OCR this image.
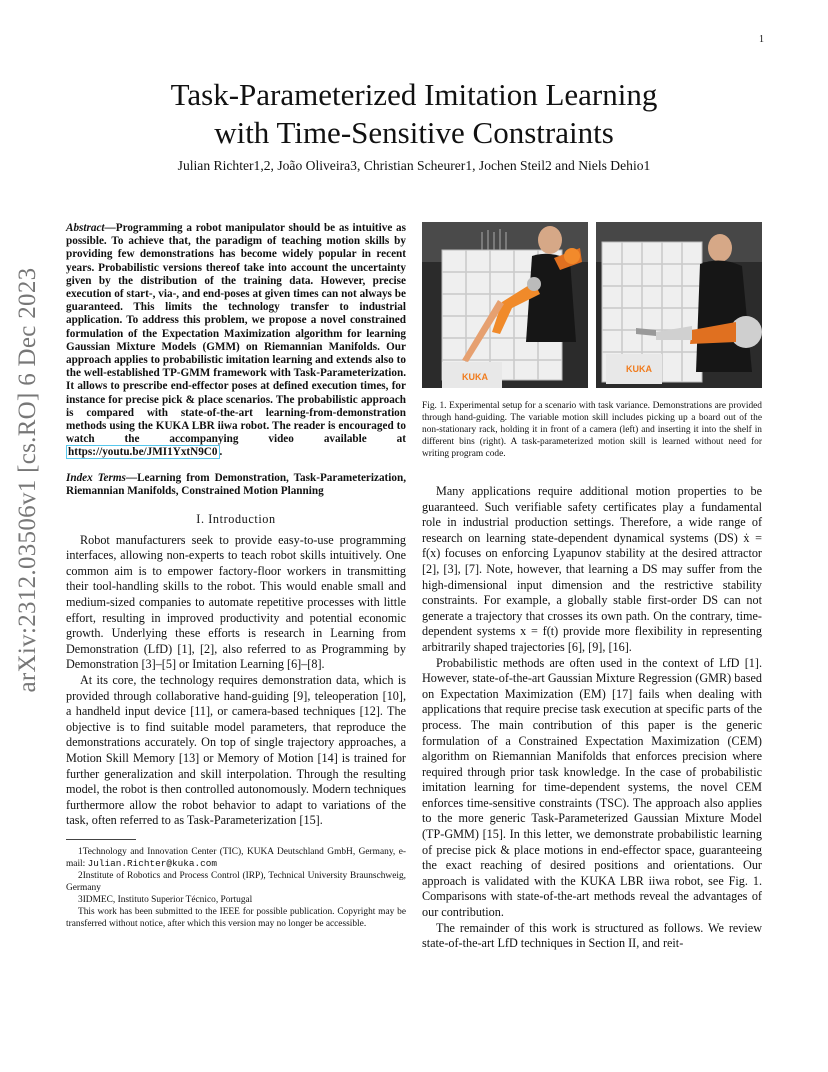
1
Task-Parameterized Imitation Learning
with Time-Sensitive Constraints
Julian Richter1,2, João Oliveira3, Christian Scheurer1, Jochen Steil2 and Niels Dehio1
arXiv:2312.03506v1 [cs.RO] 6 Dec 2023
Abstract—Programming a robot manipulator should be as intuitive as possible. To achieve that, the paradigm of teaching motion skills by providing few demonstrations has become widely popular in recent years. Probabilistic versions thereof take into account the uncertainty given by the distribution of the training data. However, precise execution of start-, via-, and end-poses at given times can not always be guaranteed. This limits the technology transfer to industrial application. To address this problem, we propose a novel constrained formulation of the Expectation Maximization algorithm for learning Gaussian Mixture Models (GMM) on Riemannian Manifolds. Our approach applies to probabilistic imitation learning and extends also to the well-established TP-GMM framework with Task-Parameterization. It allows to prescribe end-effector poses at defined execution times, for instance for precise pick & place scenarios. The probabilistic approach is compared with state-of-the-art learning-from-demonstration methods using the KUKA LBR iiwa robot. The reader is encouraged to watch the accompanying video available at https://youtu.be/JMI1YxtN9C0 .
Index Terms—Learning from Demonstration, Task-Parameterization, Riemannian Manifolds, Constrained Motion Planning
I. Introduction

Robot manufacturers seek to provide easy-to-use programming interfaces, allowing non-experts to teach robot skills intuitively. One common aim is to empower factory-floor workers in transmitting their tool-handling skills to the robot. This would enable small and medium-sized companies to automate repetitive processes with little effort, resulting in improved productivity and potential economic growth. Underlying these efforts is research in Learning from Demonstration (LfD) [1], [2], also referred to as Programming by Demonstration [3]–[5] or Imitation Learning [6]–[8].

At its core, the technology requires demonstration data, which is provided through collaborative hand-guiding [9], teleoperation [10], a handheld input device [11], or camera-based techniques [12]. The objective is to find suitable model parameters, that reproduce the demonstrations accurately. On top of single trajectory approaches, a Motion Skill Memory [13] or Memory of Motion [14] is trained for further generalization and skill interpolation. Through the resulting model, the robot is then controlled autonomously. Modern techniques furthermore allow the robot behavior to adapt to variations of the task, often referred to as Task-Parameterization [15].

1Technology and Innovation Center (TIC), KUKA Deutschland GmbH, Germany, e-mail: Julian.Richter@kuka.com

2Institute of Robotics and Process Control (IRP), Technical University Braunschweig, Germany

3IDMEC, Instituto Superior Técnico, Portugal

This work has been submitted to the IEEE for possible publication. Copyright may be transferred without notice, after which this version may no longer be accessible.

KUKA
KUKA
Fig. 1. Experimental setup for a scenario with task variance. Demonstrations are provided through hand-guiding. The variable motion skill includes picking up a board out of the non-stationary rack, holding it in front of a camera (left) and inserting it into the shelf in different bins (right). A task-parameterized motion skill is learned without need for writing program code.

Many applications require additional motion properties to be guaranteed. Such verifiable safety certificates play a fundamental role in industrial production settings. Therefore, a wide range of research on learning state-dependent dynamical systems (DS) ẋ = f(x) focuses on enforcing Lyapunov stability at the desired attractor [2], [3], [7]. Note, however, that learning a DS may suffer from the high-dimensional input dimension and the restrictive stability constraints. For example, a globally stable first-order DS can not generate a trajectory that crosses its own path. On the contrary, time-dependent systems x = f(t) provide more flexibility in representing arbitrarily shaped trajectories [6], [9], [16].

Probabilistic methods are often used in the context of LfD [1]. However, state-of-the-art Gaussian Mixture Regression (GMR) based on Expectation Maximization (EM) [17] fails when dealing with applications that require precise task execution at specific parts of the process. The main contribution of this paper is the generic formulation of a Constrained Expectation Maximization (CEM) algorithm on Riemannian Manifolds that enforces precision where required through prior task knowledge. In the case of probabilistic imitation learning for time-dependent systems, the novel CEM enforces time-sensitive constraints (TSC). The approach also applies to the more generic Task-Parameterized Gaussian Mixture Model (TP-GMM) [15]. In this letter, we demonstrate probabilistic learning of precise pick & place motions in end-effector space, guaranteeing the exact reaching of desired positions and orientations. Our approach is validated with the KUKA LBR iiwa robot, see Fig. 1. Comparisons with state-of-the-art methods reveal the advantages of our contribution.

The remainder of this work is structured as follows. We review state-of-the-art LfD techniques in Section II, and reit-
